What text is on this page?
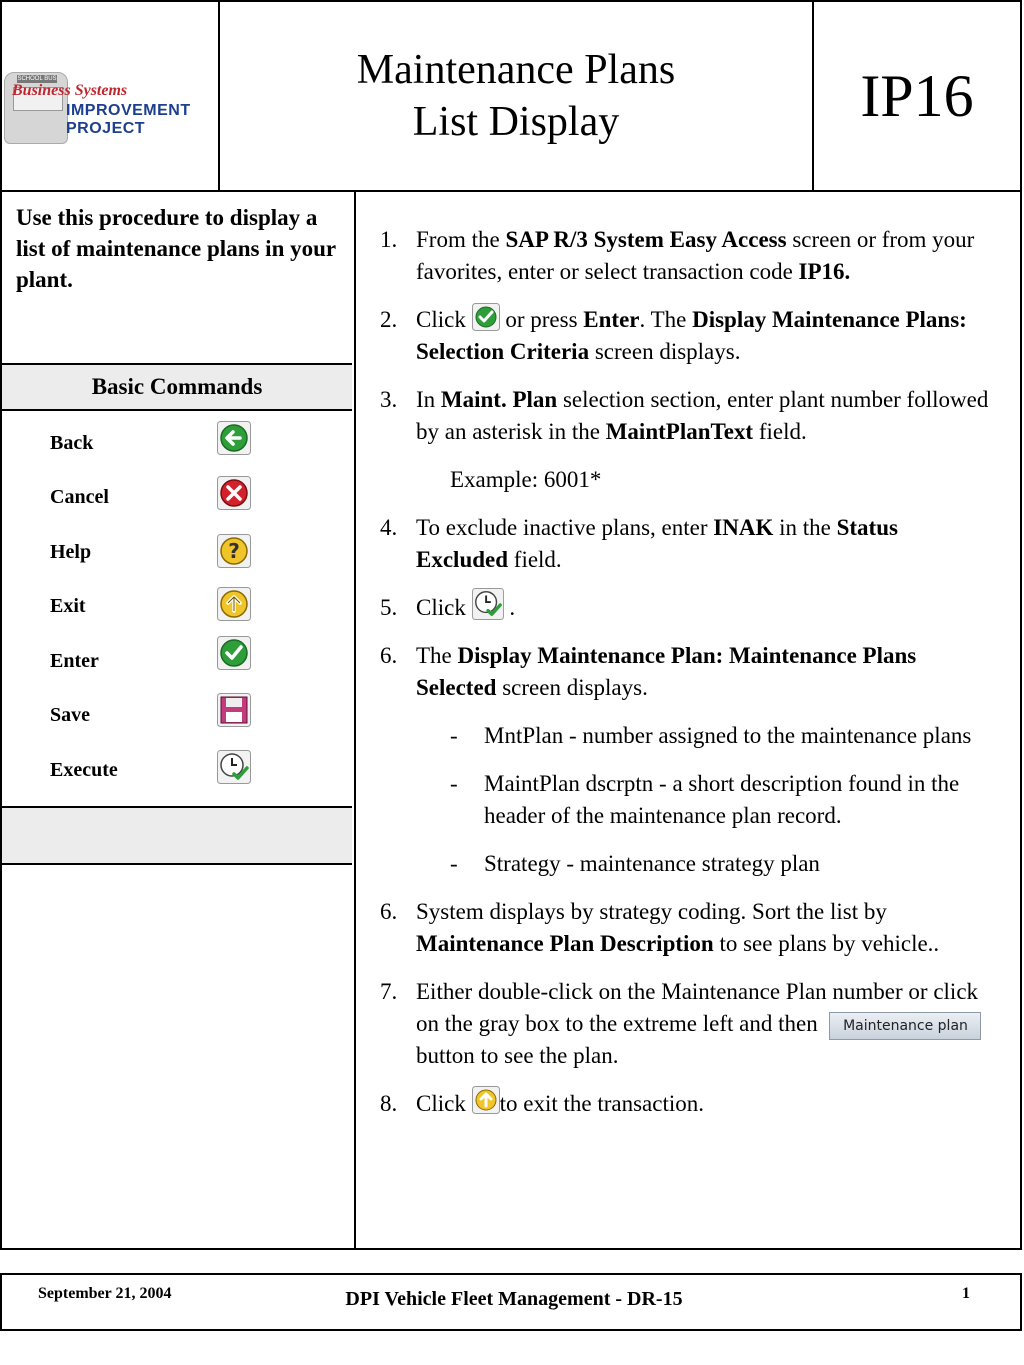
SCHOOL BUS
Business Systems
IMPROVEMENT
PROJECT
Maintenance Plans
List Display	IP16
Use this procedure to display a list of maintenance plans in your plant.
Basic Commands
Back
Cancel
Help	?
Exit
Enter
Save
Execute
1. From the SAP R/3 System Easy Access screen or from your favorites, enter or select transaction code IP16.
2. Click  or press Enter. The Display Maintenance Plans: Selection Criteria screen displays.
3. In Maint. Plan selection section, enter plant number followed by an asterisk in the MaintPlanText field.
Example: 6001*
4. To exclude inactive plans, enter INAK in the Status Excluded field.
5. Click  .
6. The Display Maintenance Plan: Maintenance Plans Selected screen displays.
- MntPlan - number assigned to the maintenance plans
- MaintPlan dscrptn - a short description found in the header of the maintenance plan record.
- Strategy - maintenance strategy plan
6. System displays by strategy coding. Sort the list by Maintenance Plan Description to see plans by vehicle..
7. Either double-click on the Maintenance Plan number or click on the gray box to the extreme left and then Maintenance plan button to see the plan.
8. Click to exit the transaction.
September 21, 2004	DPI Vehicle Fleet Management - DR-15	1
